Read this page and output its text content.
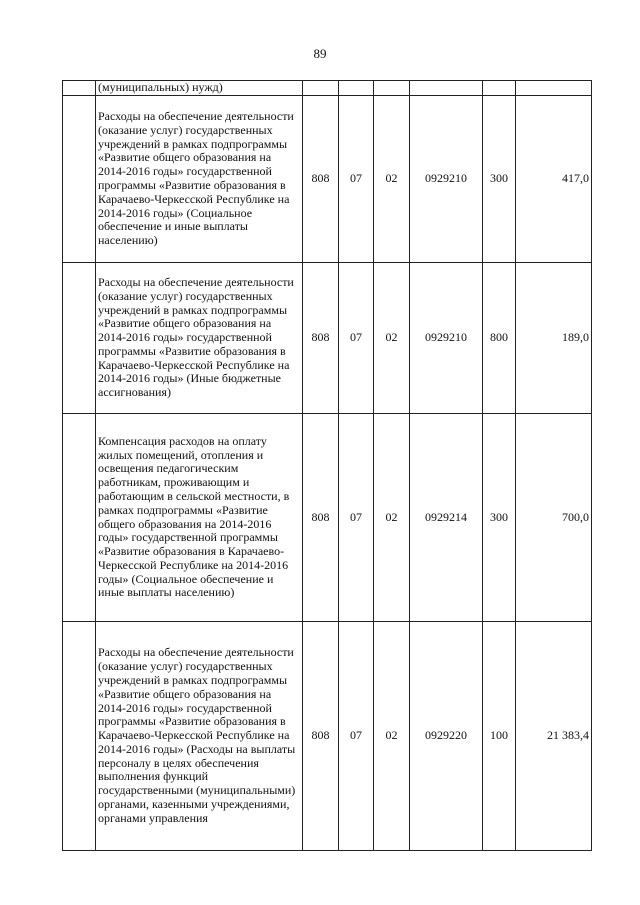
89
	(муниципальных) нужд)						
	Расходы на обеспечение деятельности (оказание услуг) государственных учреждений в рамках подпрограммы «Развитие общего образования на 2014-2016 годы» государственной программы «Развитие образования в Карачаево-Черкесской Республике на 2014-2016 годы» (Социальное обеспечение и иные выплаты населению)	808	07	02	0929210	300	417,0
	Расходы на обеспечение деятельности (оказание услуг) государственных учреждений в рамках подпрограммы «Развитие общего образования на 2014-2016 годы» государственной программы «Развитие образования в Карачаево-Черкесской Республике на 2014-2016 годы» (Иные бюджетные ассигнования)	808	07	02	0929210	800	189,0
	Компенсация расходов на оплату жилых помещений, отопления и освещения педагогическим работникам, проживающим и работающим в сельской местности, в рамках подпрограммы «Развитие общего образования на 2014-2016 годы» государственной программы «Развитие образования в Карачаево-Черкесской Республике на 2014-2016 годы» (Социальное обеспечение и иные выплаты населению)	808	07	02	0929214	300	700,0
	Расходы на обеспечение деятельности (оказание услуг) государственных учреждений в рамках подпрограммы «Развитие общего образования на 2014-2016 годы» государственной программы «Развитие образования в Карачаево-Черкесской Республике на 2014-2016 годы» (Расходы на выплаты персоналу в целях обеспечения выполнения функций государственными (муниципальными) органами, казенными учреждениями, органами управления	808	07	02	0929220	100	21 383,4
